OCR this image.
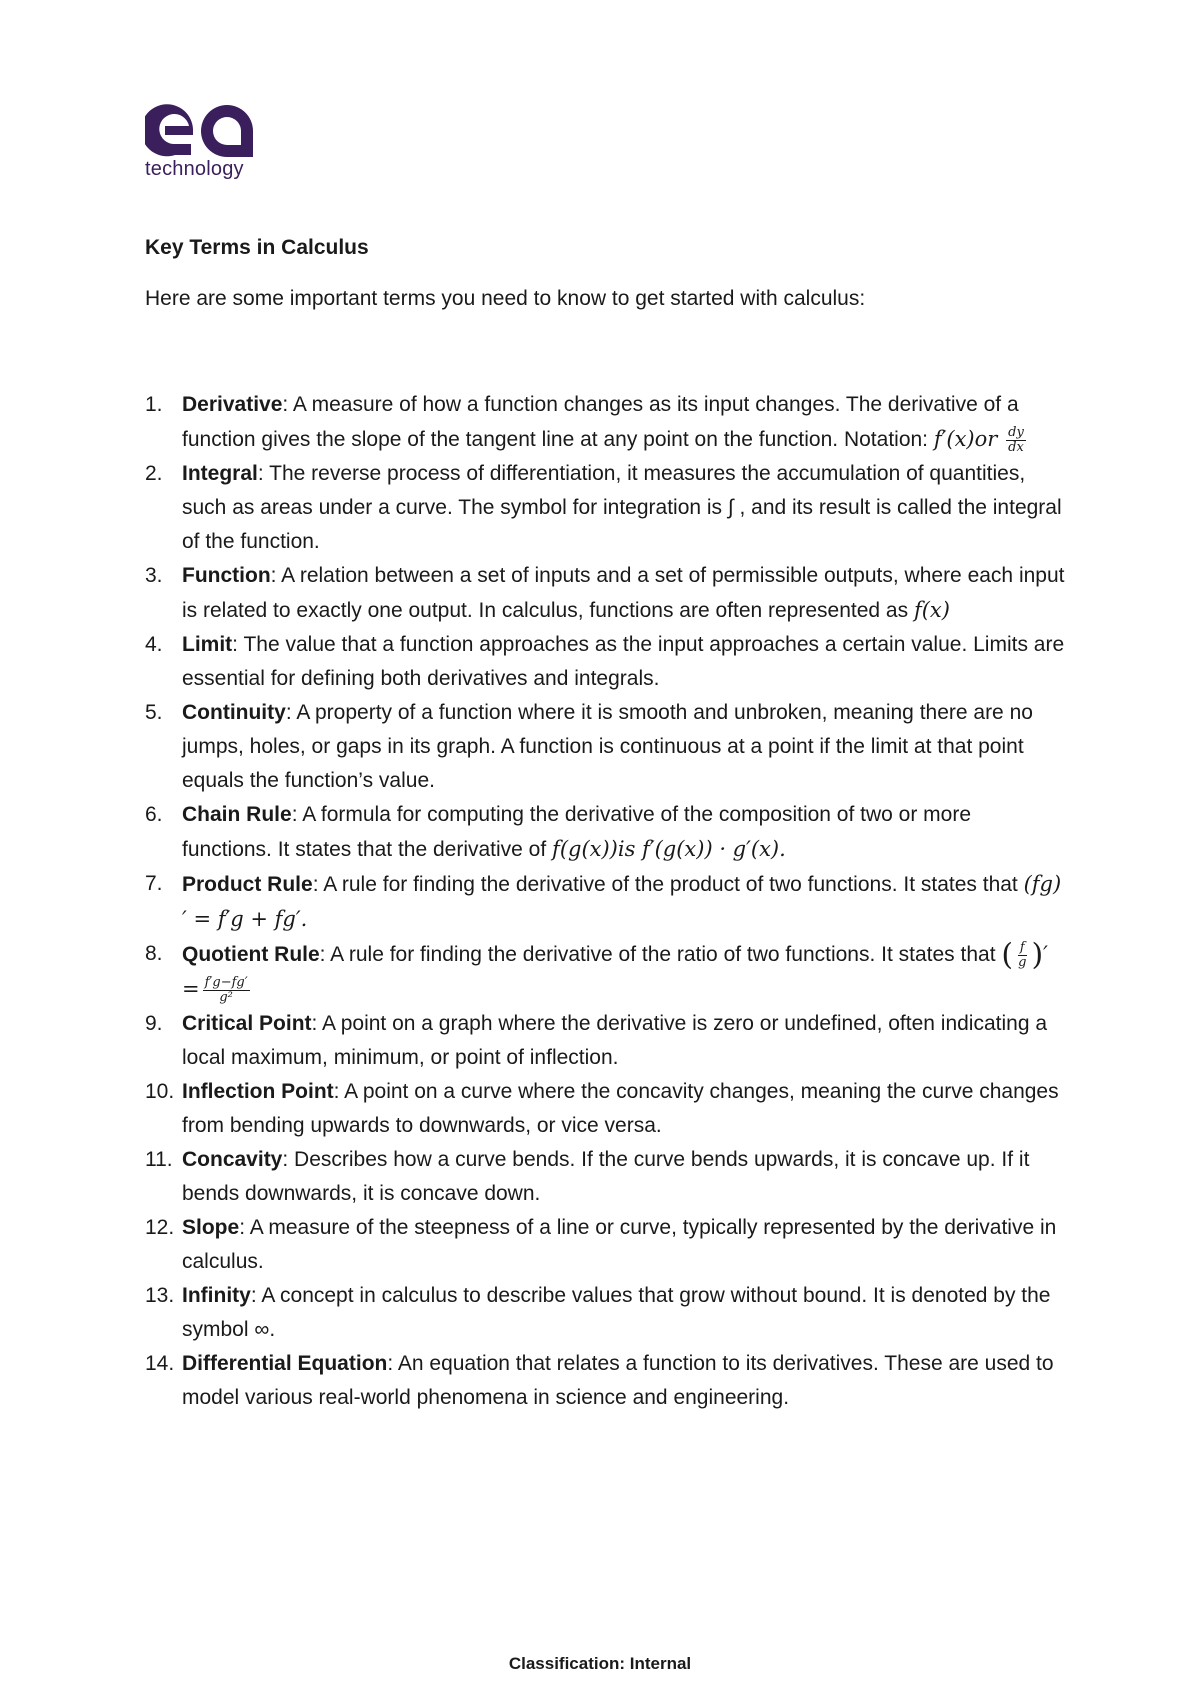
technology
Key Terms in Calculus

Here are some important terms you need to know to get started with calculus:

1. Derivative: A measure of how a function changes as its input changes. The derivative of a function gives the slope of the tangent line at any point on the function. Notation: $f'(x)or \frac{dy}{dx}$
2. Integral: The reverse process of differentiation, it measures the accumulation of quantities, such as areas under a curve. The symbol for integration is ∫ , and its result is called the integral of the function.
3. Function: A relation between a set of inputs and a set of permissible outputs, where each input is related to exactly one output. In calculus, functions are often represented as f(x)
4. Limit: The value that a function approaches as the input approaches a certain value. Limits are essential for defining both derivatives and integrals.
5. Continuity: A property of a function where it is smooth and unbroken, meaning there are no jumps, holes, or gaps in its graph. A function is continuous at a point if the limit at that point equals the function’s value.
6. Chain Rule: A formula for computing the derivative of the composition of two or more functions. It states that the derivative of f(g(x))is f′(g(x)) · g′(x).
7. Product Rule: A rule for finding the derivative of the product of two functions. It states that (fg)′ = f′g + fg′.
8. Quotient Rule: A rule for finding the derivative of the ratio of two functions. It states that ( $\frac{f}{g}$ )′ = $\frac{f'g-fg'}{\text{g²}}$
9. Critical Point: A point on a graph where the derivative is zero or undefined, often indicating a local maximum, minimum, or point of inflection.
10. Inflection Point: A point on a curve where the concavity changes, meaning the curve changes from bending upwards to downwards, or vice versa.
11. Concavity: Describes how a curve bends. If the curve bends upwards, it is concave up. If it bends downwards, it is concave down.
12. Slope: A measure of the steepness of a line or curve, typically represented by the derivative in calculus.
13. Infinity: A concept in calculus to describe values that grow without bound. It is denoted by the symbol ∞.
14. Differential Equation: An equation that relates a function to its derivatives. These are used to model various real-world phenomena in science and engineering.
Classification: Internal
